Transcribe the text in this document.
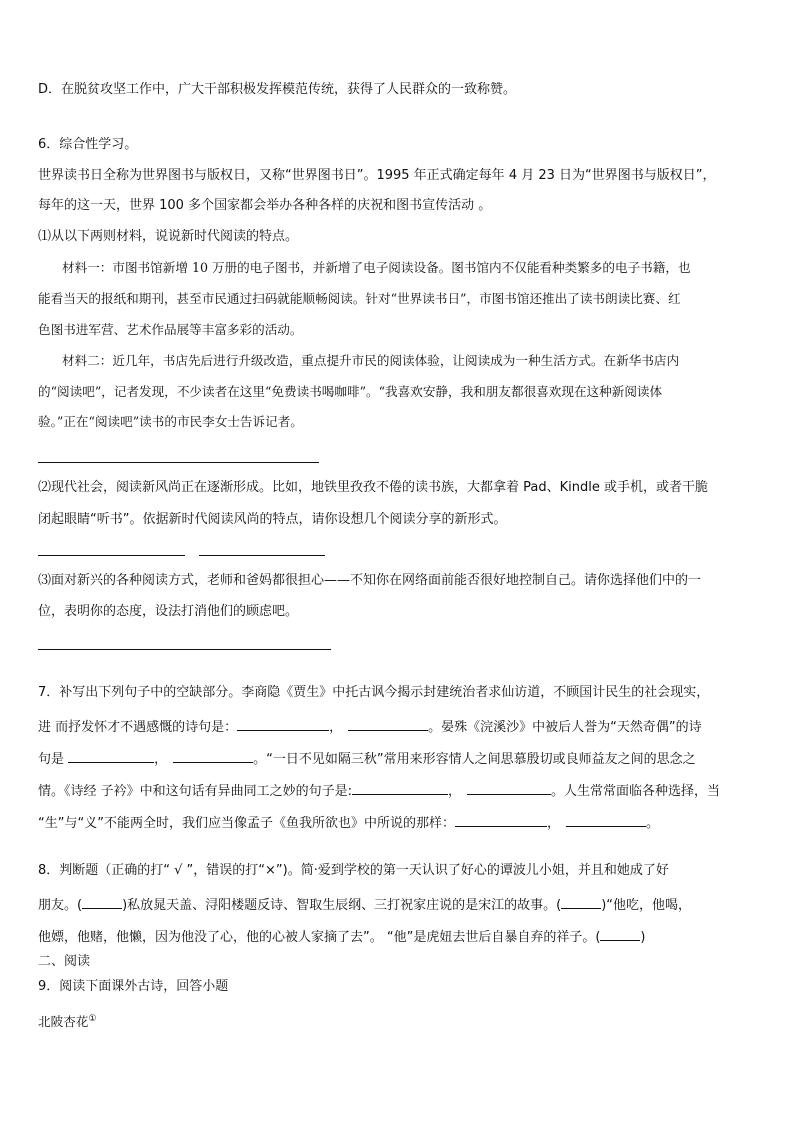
D．在脱贫攻坚工作中，广大干部积极发挥模范传统，获得了人民群众的一致称赞。
6．综合性学习。
世界读书日全称为世界图书与版权日，又称“世界图书日”。1995 年正式确定每年 4 月 23 日为“世界图书与版权日”，
每年的这一天，世界 100 多个国家都会举办各种各样的庆祝和图书宣传活动 。
⑴从以下两则材料，说说新时代阅读的特点。
材料一：市图书馆新增 10 万册的电子图书，并新增了电子阅读设备。图书馆内不仅能看种类繁多的电子书籍，也
能看当天的报纸和期刊，甚至市民通过扫码就能顺畅阅读。针对“世界读书日”，市图书馆还推出了读书朗读比赛、红
色图书进军营、艺术作品展等丰富多彩的活动。
材料二：近几年，书店先后进行升级改造，重点提升市民的阅读体验，让阅读成为一种生活方式。在新华书店内
的“阅读吧”，记者发现，不少读者在这里“免费读书喝咖啡”。“我喜欢安静，我和朋友都很喜欢现在这种新阅读体
验。”正在“阅读吧”读书的市民李女士告诉记者。
⑵现代社会，阅读新风尚正在逐渐形成。比如，地铁里孜孜不倦的读书族，大都拿着 Pad、Kindle 或手机，或者干脆
闭起眼睛“听书”。依据新时代阅读风尚的特点，请你设想几个阅读分享的新形式。
⑶面对新兴的各种阅读方式，老师和爸妈都很担心——不知你在网络面前能否很好地控制自己。请你选择他们中的一
位，表明你的态度，设法打消他们的顾虑吧。
7．补写出下列句子中的空缺部分。李商隐《贾生》中托古讽今揭示封建统治者求仙访道，不顾国计民生的社会现实，
进 而抒发怀才不遇感慨的诗句是：	，	。晏殊《浣溪沙》中被后人誉为“天然奇偶”的诗
句是	，	。“一日不见如隔三秋”常用来形容情人之间思慕殷切或良师益友之间的思念之
情。《诗经 子衿》中和这句话有异曲同工之妙的句子是:	，	。人生常常面临各种选择，当
“生”与“义”不能两全时，我们应当像孟子《鱼我所欲也》中所说的那样：	，	。
8．判断题（正确的打“ √ ”，错误的打“×”)。简·爱到学校的第一天认识了好心的谭波儿小姐，并且和她成了好
朋友。(	)私放晁天盖、浔阳楼题反诗、智取生辰纲、三打祝家庄说的是宋江的故事。(	)“他吃，他喝，
他嫖，他赌，他懒，因为他没了心，他的心被人家摘了去”。 “他”是虎妞去世后自暴自弃的祥子。(	)
二、阅读
9．阅读下面课外古诗，回答小题
北陂杏花①
